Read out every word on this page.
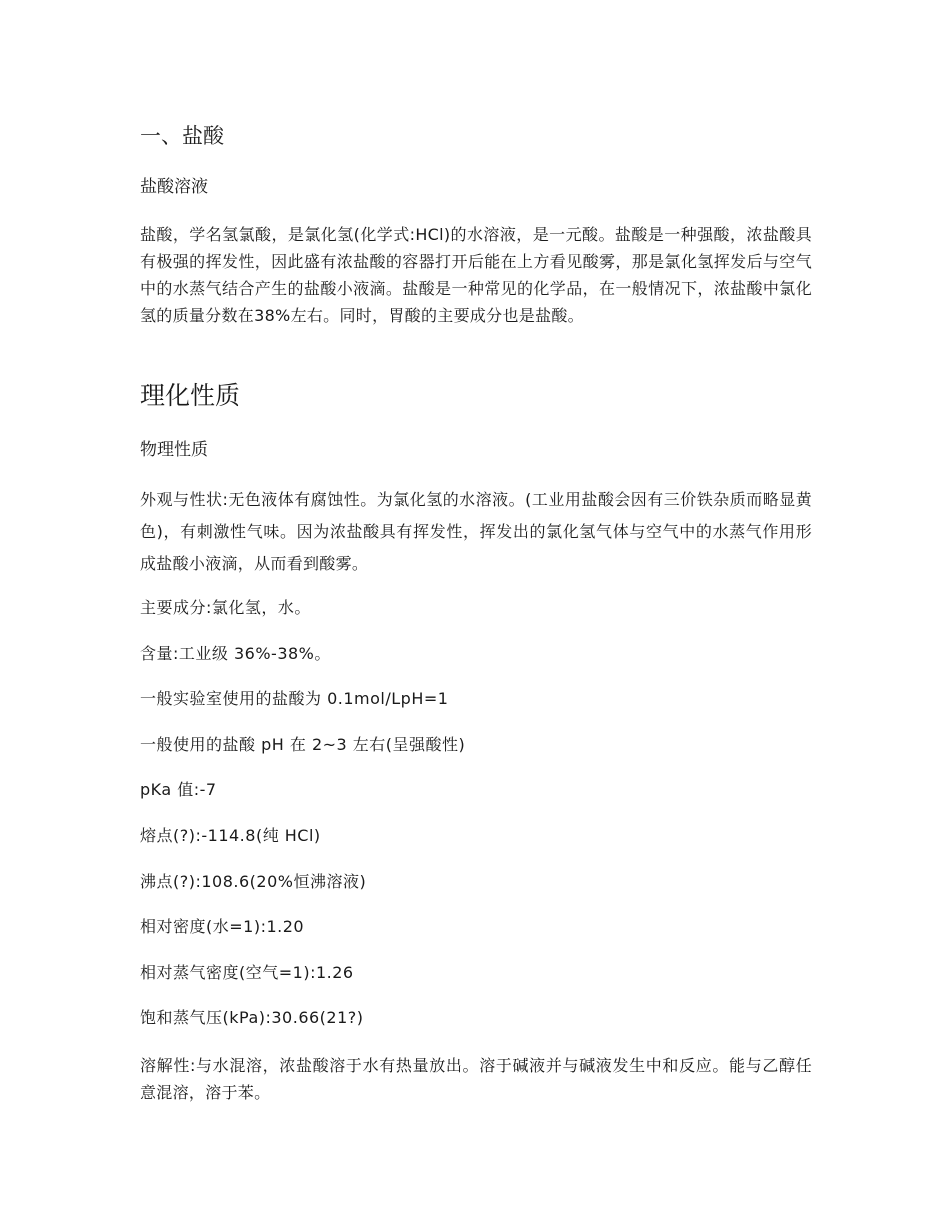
一、盐酸
盐酸溶液

盐酸，学名氢氯酸，是氯化氢(化学式:HCl)的水溶液，是一元酸。盐酸是一种强酸，浓盐酸具有极强的挥发性，因此盛有浓盐酸的容器打开后能在上方看见酸雾，那是氯化氢挥发后与空气中的水蒸气结合产生的盐酸小液滴。盐酸是一种常见的化学品，在一般情况下，浓盐酸中氯化氢的质量分数在38%左右。同时，胃酸的主要成分也是盐酸。

理化性质
物理性质

外观与性状:无色液体有腐蚀性。为氯化氢的水溶液。(工业用盐酸会因有三价铁杂质而略显黄色)，有刺激性气味。因为浓盐酸具有挥发性，挥发出的氯化氢气体与空气中的水蒸气作用形成盐酸小液滴，从而看到酸雾。

主要成分:氯化氢，水。
含量:工业级 36%-38%。
一般实验室使用的盐酸为 0.1mol/LpH=1
一般使用的盐酸 pH 在 2~3 左右(呈强酸性)
pKa 值:-7
熔点(?):-114.8(纯 HCl)
沸点(?):108.6(20%恒沸溶液)
相对密度(水=1):1.20
相对蒸气密度(空气=1):1.26
饱和蒸气压(kPa):30.66(21?)

溶解性:与水混溶，浓盐酸溶于水有热量放出。溶于碱液并与碱液发生中和反应。能与乙醇任意混溶，溶于苯。
